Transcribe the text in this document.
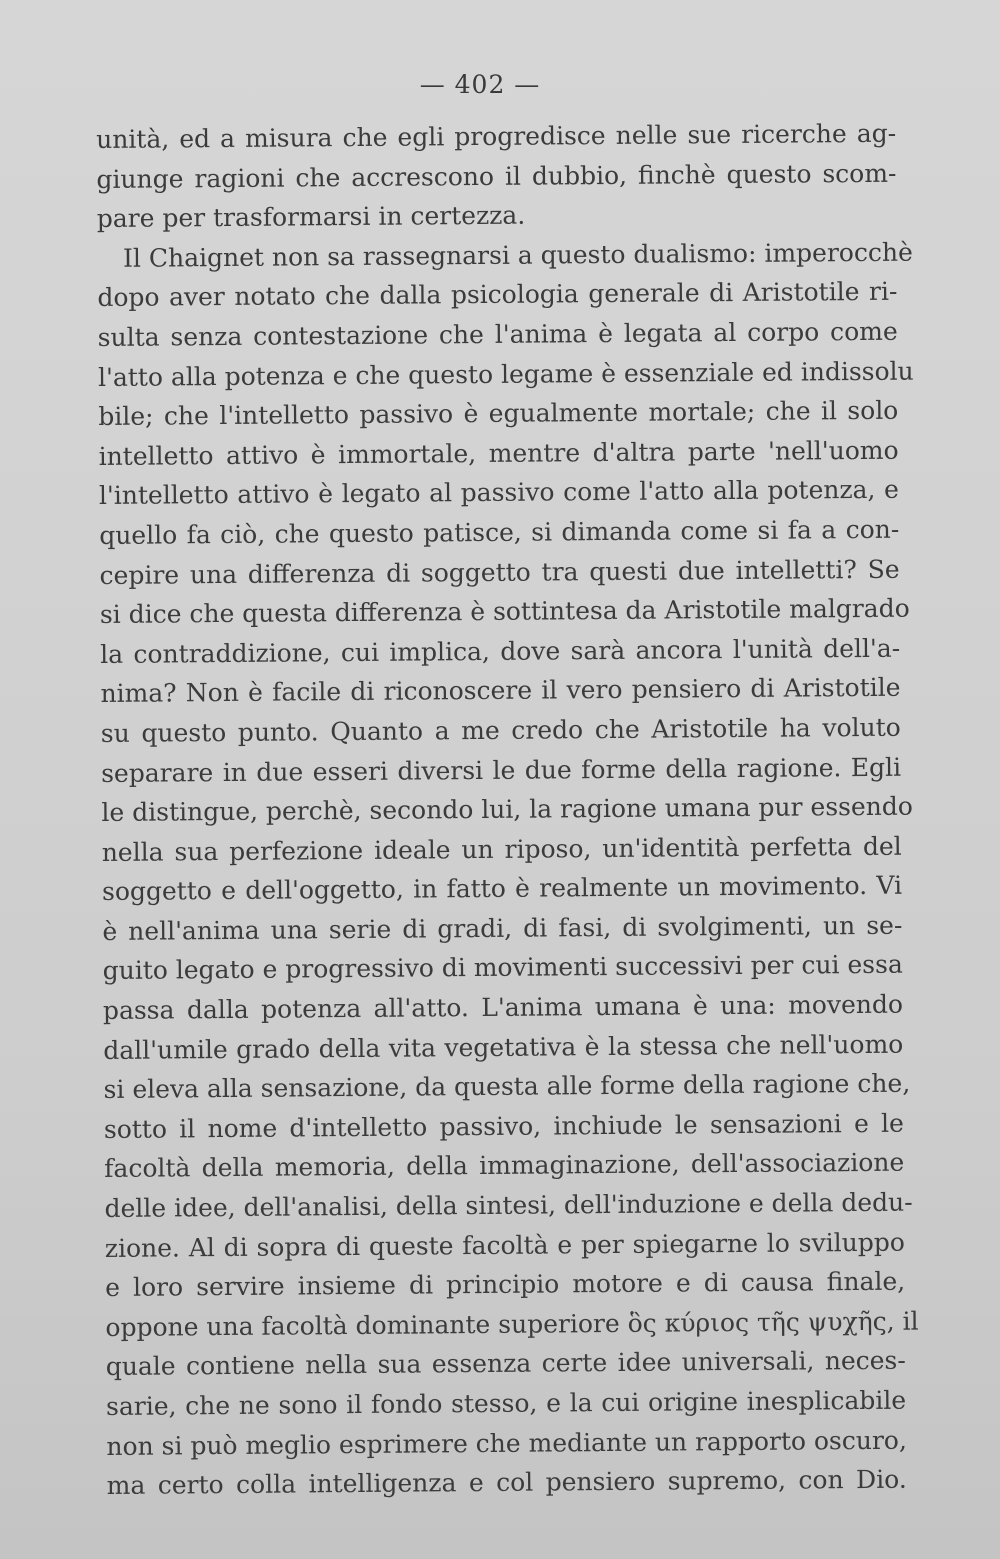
— 402 —
unità, ed a misura che egli progredisce nelle sue ricerche ag-
giunge ragioni che accrescono il dubbio, finchè questo scom-
pare per trasformarsi in certezza.
Il Chaignet non sa rassegnarsi a questo dualismo: imperocchè
dopo aver notato che dalla psicologia generale di Aristotile ri-
sulta senza contestazione che l'anima è legata al corpo come
l'atto alla potenza e che questo legame è essenziale ed indissolu
bile; che l'intelletto passivo è egualmente mortale; che il solo
intelletto attivo è immortale, mentre d'altra parte 'nell'uomo
l'intelletto attivo è legato al passivo come l'atto alla potenza, e
quello fa ciò, che questo patisce, si dimanda come si fa a con-
cepire una differenza di soggetto tra questi due intelletti? Se
si dice che questa differenza è sottintesa da Aristotile malgrado
la contraddizione, cui implica, dove sarà ancora l'unità dell'a-
nima? Non è facile di riconoscere il vero pensiero di Aristotile
su questo punto. Quanto a me credo che Aristotile ha voluto
separare in due esseri diversi le due forme della ragione. Egli
le distingue, perchè, secondo lui, la ragione umana pur essendo
nella sua perfezione ideale un riposo, un'identità perfetta del
soggetto e dell'oggetto, in fatto è realmente un movimento. Vi
è nell'anima una serie di gradi, di fasi, di svolgimenti, un se-
guito legato e progressivo di movimenti successivi per cui essa
passa dalla potenza all'atto. L'anima umana è una: movendo
dall'umile grado della vita vegetativa è la stessa che nell'uomo
si eleva alla sensazione, da questa alle forme della ragione che,
sotto il nome d'intelletto passivo, inchiude le sensazioni e le
facoltà della memoria, della immaginazione, dell'associazione
delle idee, dell'analisi, della sintesi, dell'induzione e della dedu-
zione. Al di sopra di queste facoltà e per spiegarne lo sviluppo
e loro servire insieme di principio motore e di causa finale,
oppone una facoltà dominante superiore ὃς κύριος τῆς ψυχῆς, il
quale contiene nella sua essenza certe idee universali, neces-
sarie, che ne sono il fondo stesso, e la cui origine inesplicabile
non si può meglio esprimere che mediante un rapporto oscuro,
ma certo colla intelligenza e col pensiero supremo, con Dio.
